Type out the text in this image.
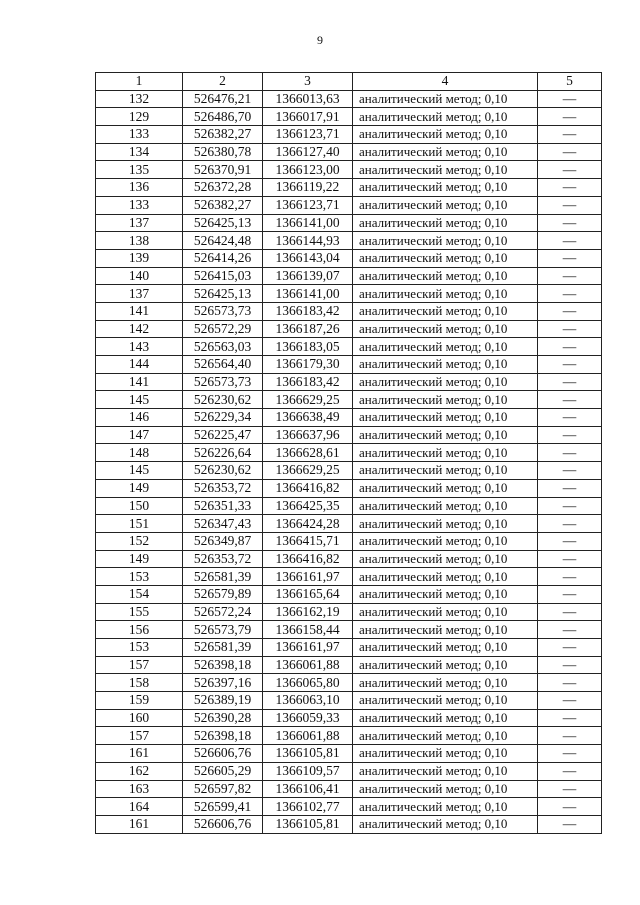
9
1	2	3	4	5
132	526476,21	1366013,63	аналитический метод; 0,10	—
129	526486,70	1366017,91	аналитический метод; 0,10	—
133	526382,27	1366123,71	аналитический метод; 0,10	—
134	526380,78	1366127,40	аналитический метод; 0,10	—
135	526370,91	1366123,00	аналитический метод; 0,10	—
136	526372,28	1366119,22	аналитический метод; 0,10	—
133	526382,27	1366123,71	аналитический метод; 0,10	—
137	526425,13	1366141,00	аналитический метод; 0,10	—
138	526424,48	1366144,93	аналитический метод; 0,10	—
139	526414,26	1366143,04	аналитический метод; 0,10	—
140	526415,03	1366139,07	аналитический метод; 0,10	—
137	526425,13	1366141,00	аналитический метод; 0,10	—
141	526573,73	1366183,42	аналитический метод; 0,10	—
142	526572,29	1366187,26	аналитический метод; 0,10	—
143	526563,03	1366183,05	аналитический метод; 0,10	—
144	526564,40	1366179,30	аналитический метод; 0,10	—
141	526573,73	1366183,42	аналитический метод; 0,10	—
145	526230,62	1366629,25	аналитический метод; 0,10	—
146	526229,34	1366638,49	аналитический метод; 0,10	—
147	526225,47	1366637,96	аналитический метод; 0,10	—
148	526226,64	1366628,61	аналитический метод; 0,10	—
145	526230,62	1366629,25	аналитический метод; 0,10	—
149	526353,72	1366416,82	аналитический метод; 0,10	—
150	526351,33	1366425,35	аналитический метод; 0,10	—
151	526347,43	1366424,28	аналитический метод; 0,10	—
152	526349,87	1366415,71	аналитический метод; 0,10	—
149	526353,72	1366416,82	аналитический метод; 0,10	—
153	526581,39	1366161,97	аналитический метод; 0,10	—
154	526579,89	1366165,64	аналитический метод; 0,10	—
155	526572,24	1366162,19	аналитический метод; 0,10	—
156	526573,79	1366158,44	аналитический метод; 0,10	—
153	526581,39	1366161,97	аналитический метод; 0,10	—
157	526398,18	1366061,88	аналитический метод; 0,10	—
158	526397,16	1366065,80	аналитический метод; 0,10	—
159	526389,19	1366063,10	аналитический метод; 0,10	—
160	526390,28	1366059,33	аналитический метод; 0,10	—
157	526398,18	1366061,88	аналитический метод; 0,10	—
161	526606,76	1366105,81	аналитический метод; 0,10	—
162	526605,29	1366109,57	аналитический метод; 0,10	—
163	526597,82	1366106,41	аналитический метод; 0,10	—
164	526599,41	1366102,77	аналитический метод; 0,10	—
161	526606,76	1366105,81	аналитический метод; 0,10	—
